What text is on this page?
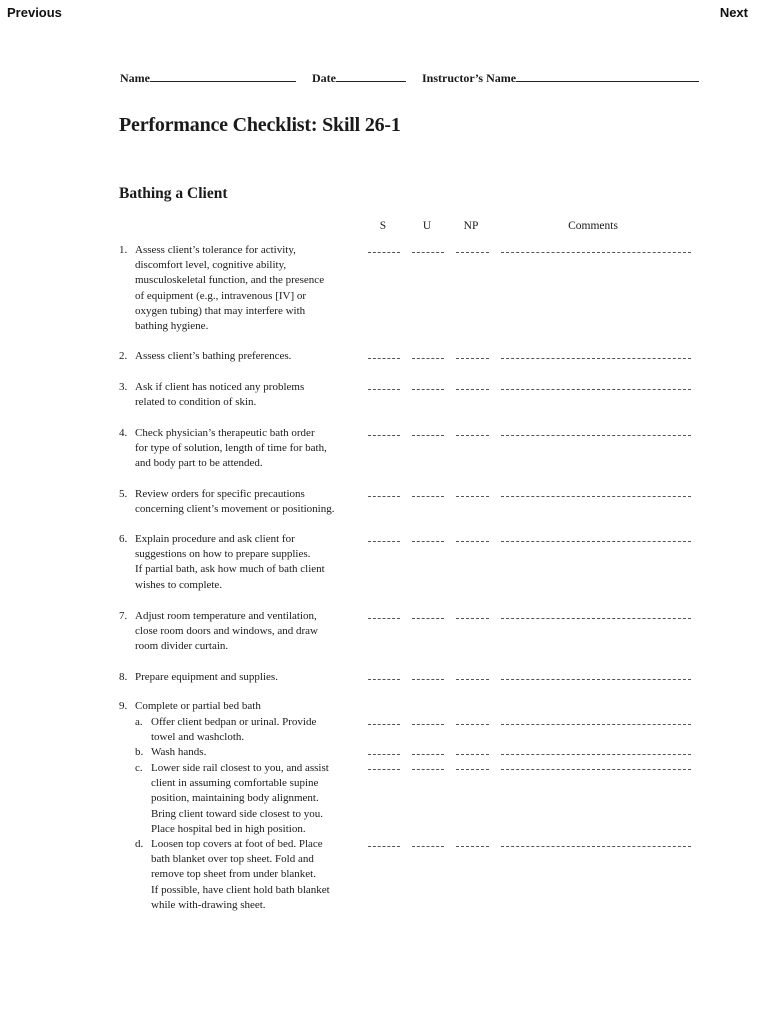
Previous	Next
Name	Date	Instructor’s Name
Performance Checklist: Skill 26-1
Bathing a Client
S	U	NP	Comments
1. Assess client’s tolerance for activity,
discomfort level, cognitive ability,
musculoskeletal function, and the presence
of equipment (e.g., intravenous [IV] or
oxygen tubing) that may interfere with
bathing hygiene.
2. Assess client’s bathing preferences.
3. Ask if client has noticed any problems
related to condition of skin.
4. Check physician’s therapeutic bath order
for type of solution, length of time for bath,
and body part to be attended.
5. Review orders for specific precautions
concerning client’s movement or positioning.
6. Explain procedure and ask client for
suggestions on how to prepare supplies.
If partial bath, ask how much of bath client
wishes to complete.
7. Adjust room temperature and ventilation,
close room doors and windows, and draw
room divider curtain.
8. Prepare equipment and supplies.
9. Complete or partial bed bath
a. Offer client bedpan or urinal. Provide
towel and washcloth.
b. Wash hands.
c. Lower side rail closest to you, and assist
client in assuming comfortable supine
position, maintaining body alignment.
Bring client toward side closest to you.
Place hospital bed in high position.
d. Loosen top covers at foot of bed. Place
bath blanket over top sheet. Fold and
remove top sheet from under blanket.
If possible, have client hold bath blanket
while with-drawing sheet.
